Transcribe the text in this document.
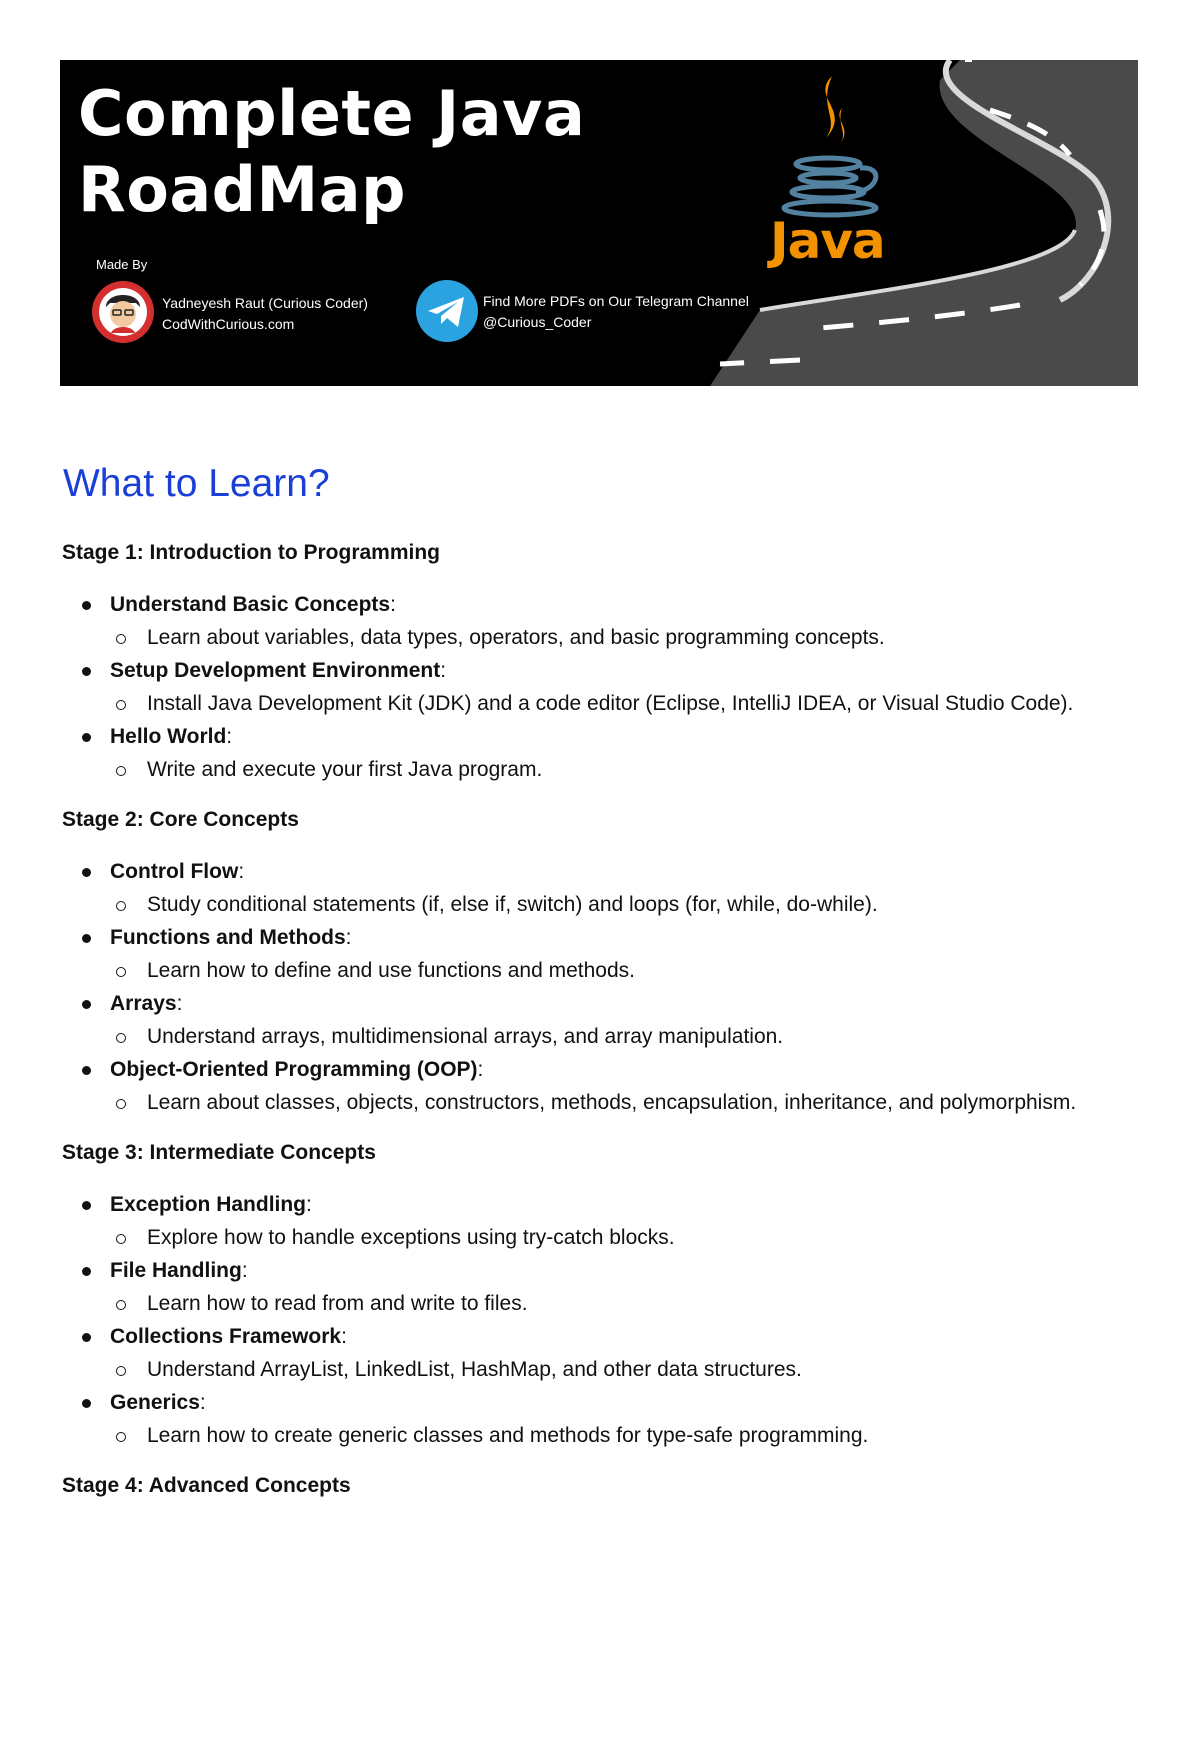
Complete Java
RoadMap
Java
Made By
Yadneyesh Raut (Curious Coder)
CodWithCurious.com
Find More PDFs on Our Telegram Channel
@Curious_Coder
What to Learn?
Stage 1: Introduction to Programming
Understand Basic Concepts:
Learn about variables, data types, operators, and basic programming concepts.
Setup Development Environment:
Install Java Development Kit (JDK) and a code editor (Eclipse, IntelliJ IDEA, or Visual Studio Code).
Hello World:
Write and execute your first Java program.
Stage 2: Core Concepts
Control Flow:
Study conditional statements (if, else if, switch) and loops (for, while, do-while).
Functions and Methods:
Learn how to define and use functions and methods.
Arrays:
Understand arrays, multidimensional arrays, and array manipulation.
Object-Oriented Programming (OOP):
Learn about classes, objects, constructors, methods, encapsulation, inheritance, and polymorphism.
Stage 3: Intermediate Concepts
Exception Handling:
Explore how to handle exceptions using try-catch blocks.
File Handling:
Learn how to read from and write to files.
Collections Framework:
Understand ArrayList, LinkedList, HashMap, and other data structures.
Generics:
Learn how to create generic classes and methods for type-safe programming.
Stage 4: Advanced Concepts
